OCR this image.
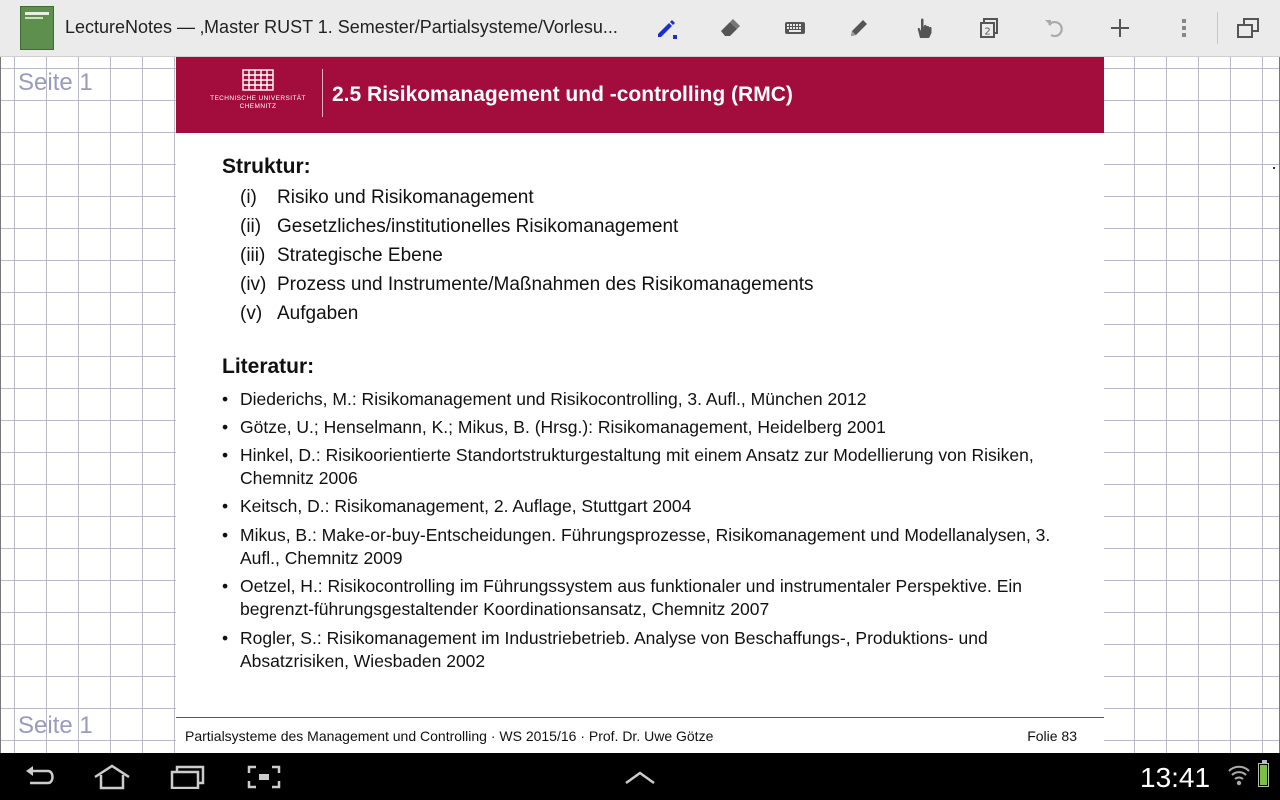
LectureNotes — ‚Master RUST 1. Semester/Partialsysteme/Vorlesu...	2
Seite 1
Seite 1
TECHNISCHE UNIVERSITÄT
CHEMNITZ
2.5 Risikomanagement und -controlling (RMC)
Struktur:
(i) Risiko und Risikomanagement
(ii) Gesetzliches/institutionelles Risikomanagement
(iii) Strategische Ebene
(iv) Prozess und Instrumente/Maßnahmen des Risikomanagements
(v) Aufgaben
Literatur:
• Diederichs, M.: Risikomanagement und Risikocontrolling, 3. Aufl., München 2012
• Götze, U.; Henselmann, K.; Mikus, B. (Hrsg.): Risikomanagement, Heidelberg 2001
• Hinkel, D.: Risikoorientierte Standortstrukturgestaltung mit einem Ansatz zur Modellierung von Risiken, Chemnitz 2006
• Keitsch, D.: Risikomanagement, 2. Auflage, Stuttgart 2004
• Mikus, B.: Make-or-buy-Entscheidungen. Führungsprozesse, Risikomanagement und Modellanalysen, 3. Aufl., Chemnitz 2009
• Oetzel, H.: Risikocontrolling im Führungssystem aus funktionaler und instrumentaler Perspektive. Ein begrenzt-führungsgestaltender Koordinationsansatz, Chemnitz 2007
• Rogler, S.: Risikomanagement im Industriebetrieb. Analyse von Beschaffungs-, Produktions- und Absatzrisiken, Wiesbaden 2002
Partialsysteme des Management und Controlling · WS 2015/16 · Prof. Dr. Uwe Götze	Folie 83
13:41
